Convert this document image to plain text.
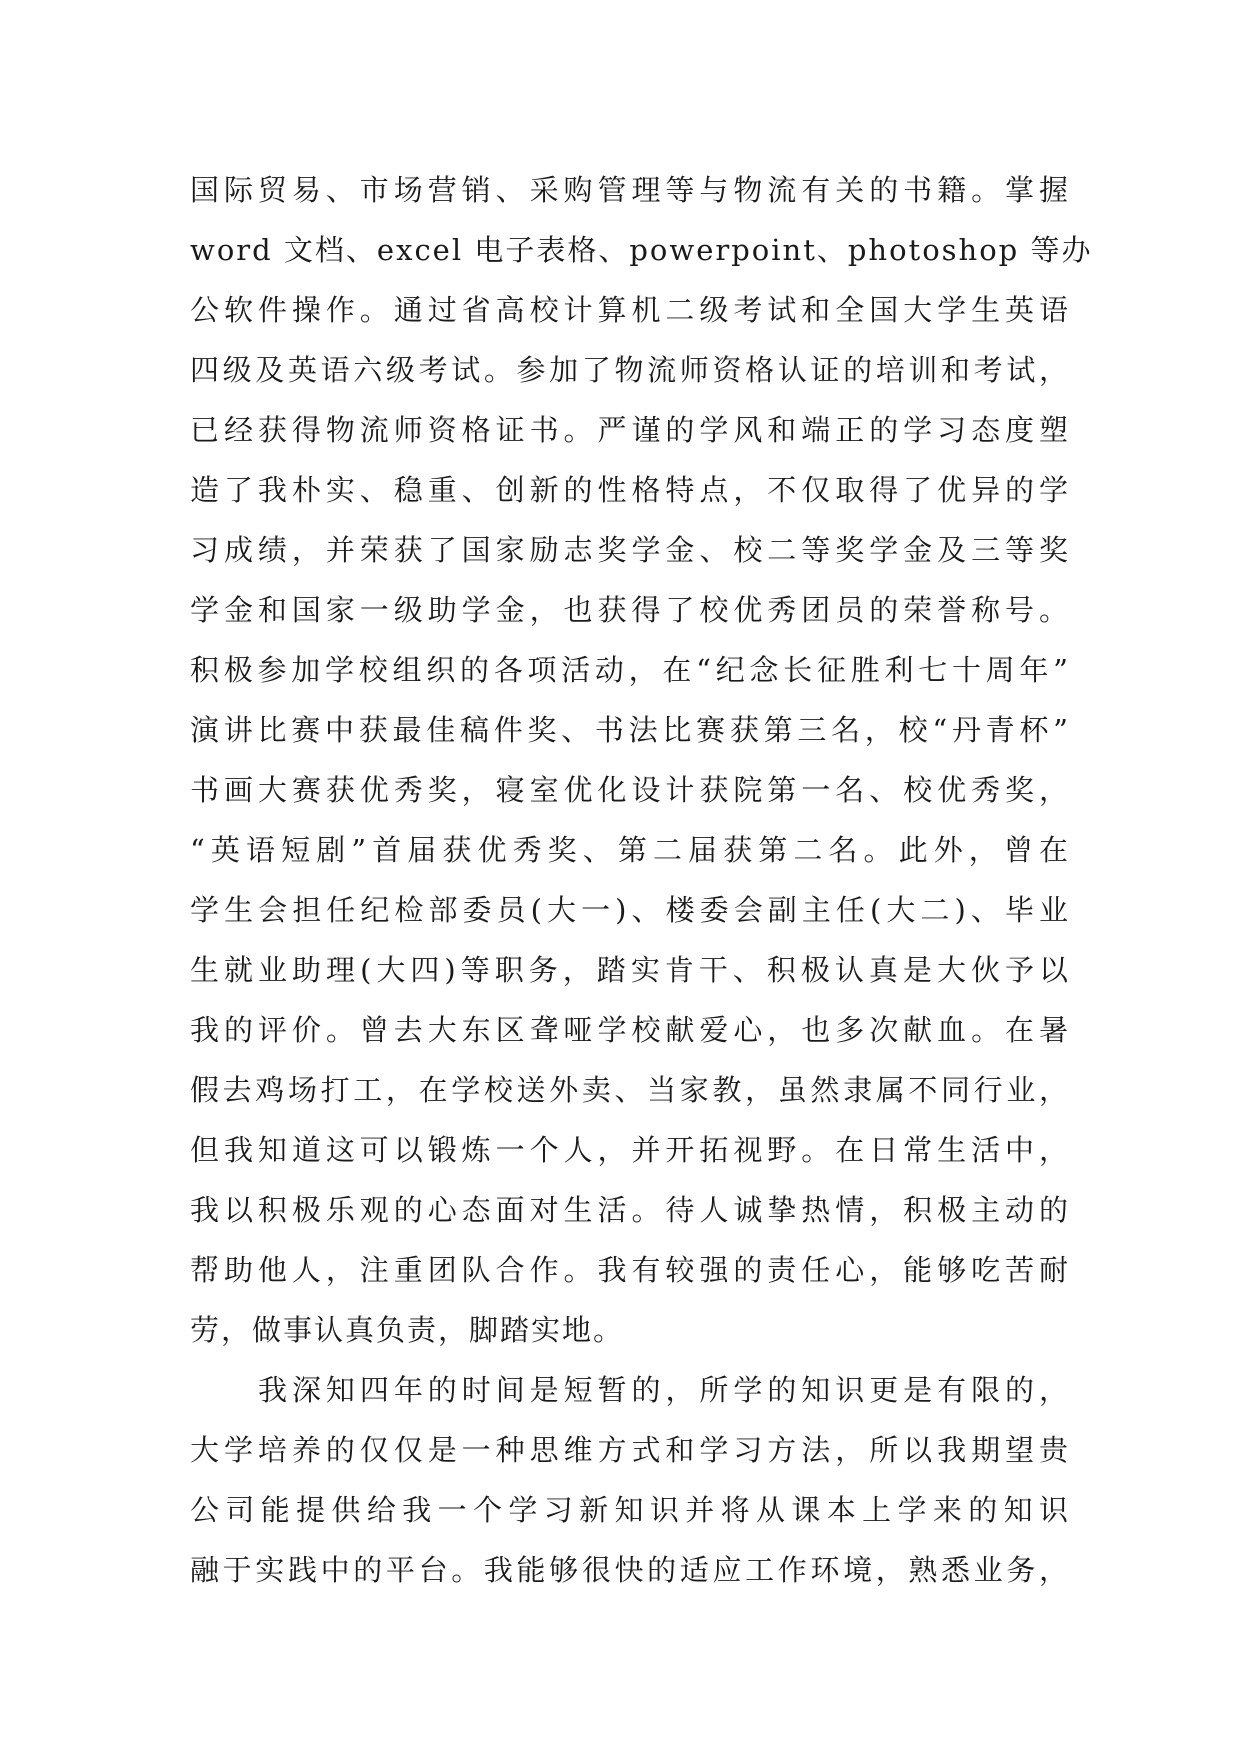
国际贸易、市场营销、采购管理等与物流有关的书籍。掌握
word 文档、excel 电子表格、powerpoint、photoshop 等办
公软件操作。通过省高校计算机二级考试和全国大学生英语
四级及英语六级考试。参加了物流师资格认证的培训和考试，
已经获得物流师资格证书。严谨的学风和端正的学习态度塑
造了我朴实、稳重、创新的性格特点，不仅取得了优异的学
习成绩，并荣获了国家励志奖学金、校二等奖学金及三等奖
学金和国家一级助学金，也获得了校优秀团员的荣誉称号。
积极参加学校组织的各项活动，在“纪念长征胜利七十周年”
演讲比赛中获最佳稿件奖、书法比赛获第三名，校“丹青杯”
书画大赛获优秀奖，寝室优化设计获院第一名、校优秀奖，
“英语短剧”首届获优秀奖、第二届获第二名。此外，曾在
学生会担任纪检部委员(大一)、楼委会副主任(大二)、毕业
生就业助理(大四)等职务，踏实肯干、积极认真是大伙予以
我的评价。曾去大东区聋哑学校献爱心，也多次献血。在暑
假去鸡场打工，在学校送外卖、当家教，虽然隶属不同行业，
但我知道这可以锻炼一个人，并开拓视野。在日常生活中，
我以积极乐观的心态面对生活。待人诚挚热情，积极主动的
帮助他人，注重团队合作。我有较强的责任心，能够吃苦耐
劳，做事认真负责，脚踏实地。
我深知四年的时间是短暂的，所学的知识更是有限的，
大学培养的仅仅是一种思维方式和学习方法，所以我期望贵
公司能提供给我一个学习新知识并将从课本上学来的知识
融于实践中的平台。我能够很快的适应工作环境，熟悉业务，
